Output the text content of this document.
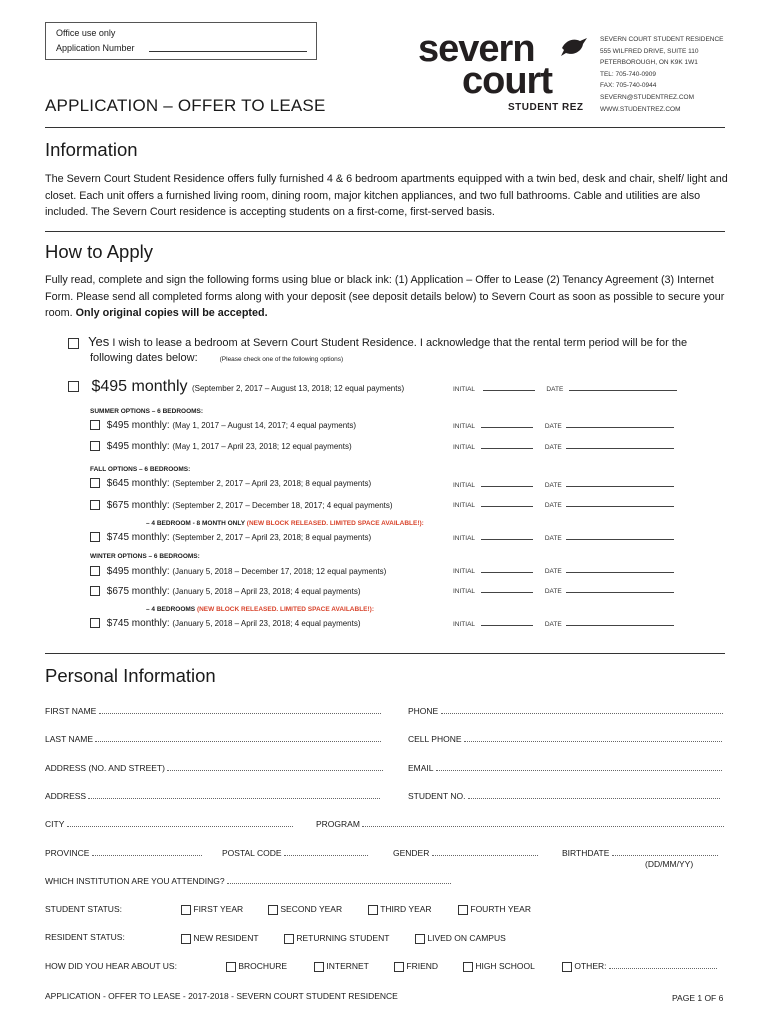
Office use only
Application Number
APPLICATION – OFFER TO LEASE
severn
court
STUDENT REZ
SEVERN COURT STUDENT RESIDENCE
555 WILFRED DRIVE, SUITE 110
PETERBOROUGH, ON K9K 1W1
TEL: 705-740-0909
FAX: 705-740-0944
SEVERN@STUDENTREZ.COM
WWW.STUDENTREZ.COM
Information
The Severn Court Student Residence offers fully furnished 4 & 6 bedroom apartments equipped with a twin bed, desk and chair, shelf/ light and closet. Each unit offers a furnished living room, dining room, major kitchen appliances, and two full bathrooms. Cable and utilities are also included. The Severn Court residence is accepting students on a first-come, first-served basis.
How to Apply
Fully read, complete and sign the following forms using blue or black ink: (1) Application – Offer to Lease (2) Tenancy Agreement (3) Internet Form. Please send all completed forms along with your deposit (see deposit details below) to Severn Court as soon as possible to secure your room. Only original copies will be accepted.
Yes I wish to lease a bedroom at Severn Court Student Residence. I acknowledge that the rental term period will be for the
following dates below:	(Please check one of the following options)
$495 monthly (September 2, 2017 – August 13, 2018; 12 equal payments)	INITIAL	DATE
SUMMER OPTIONS – 6 BEDROOMS:
$495 monthly: (May 1, 2017 – August 14, 2017; 4 equal payments)	INITIAL	DATE
$495 monthly: (May 1, 2017 – April 23, 2018; 12 equal payments)	INITIAL	DATE
FALL OPTIONS – 6 BEDROOMS:
$645 monthly: (September 2, 2017 – April 23, 2018; 8 equal payments)	INITIAL	DATE
$675 monthly: (September 2, 2017 – December 18, 2017; 4 equal payments)	INITIAL	DATE
– 4 BEDROOM - 8 MONTH ONLY (NEW BLOCK RELEASED. LIMITED SPACE AVAILABLE!):
$745 monthly: (September 2, 2017 – April 23, 2018; 8 equal payments)	INITIAL	DATE
WINTER OPTIONS – 6 BEDROOMS:
$495 monthly: (January 5, 2018 – December 17, 2018; 12 equal payments)	INITIAL	DATE
$675 monthly: (January 5, 2018 – April 23, 2018; 4 equal payments)	INITIAL	DATE
– 4 BEDROOMS (NEW BLOCK RELEASED. LIMITED SPACE AVAILABLE!):
$745 monthly: (January 5, 2018 – April 23, 2018; 4 equal payments)	INITIAL	DATE
Personal Information
FIRST NAME	PHONE
LAST NAME	CELL PHONE
ADDRESS (NO. AND STREET)	EMAIL
ADDRESS	STUDENT NO.
CITY	PROGRAM
PROVINCE	POSTAL CODE	GENDER	BIRTHDATE
(DD/MM/YY)
WHICH INSTITUTION ARE YOU ATTENDING?
STUDENT STATUS:	FIRST YEAR	SECOND YEAR	THIRD YEAR	FOURTH YEAR
RESIDENT STATUS:	NEW RESIDENT	RETURNING STUDENT	LIVED ON CAMPUS
HOW DID YOU HEAR ABOUT US:	BROCHURE	INTERNET	FRIEND	HIGH SCHOOL	OTHER:
APPLICATION - OFFER TO LEASE - 2017-2018 - SEVERN COURT STUDENT RESIDENCE	PAGE 1 OF 6
